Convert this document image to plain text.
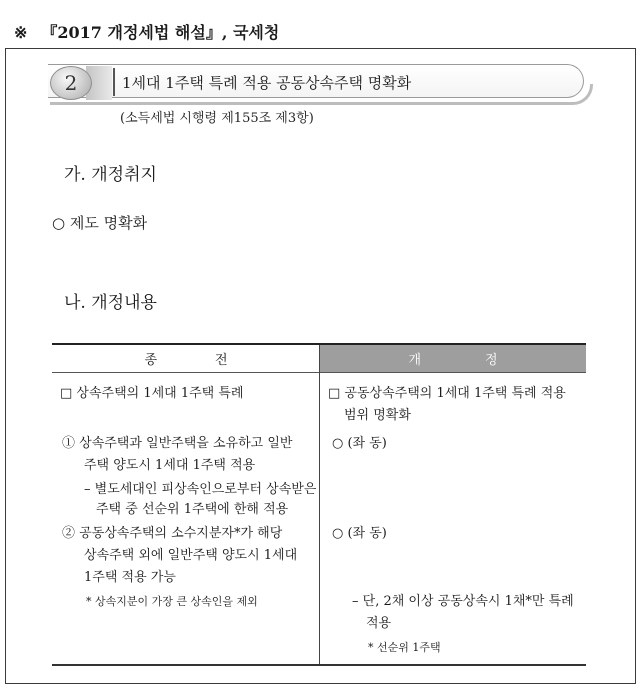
※ 『2017 개정세법 해설』, 국세청
2	1세대 1주택 특례 적용 공동상속주택 명확화
(소득세법 시행령 제155조 제3항)
가. 개정취지
○ 제도 명확화
나. 개정내용
종전	개정
□ 상속주택의 1세대 1주택 특례
① 상속주택과 일반주택을 소유하고 일반
주택 양도시 1세대 1주택 적용
– 별도세대인 피상속인으로부터 상속받은
주택 중 선순위 1주택에 한해 적용
② 공동상속주택의 소수지분자*가 해당
상속주택 외에 일반주택 양도시 1세대
1주택 적용 가능
* 상속지분이 가장 큰 상속인을 제외
□ 공동상속주택의 1세대 1주택 특례 적용
범위 명확화
○ (좌 동)
○ (좌 동)
– 단, 2채 이상 공동상속시 1채*만 특례
적용
* 선순위 1주택
